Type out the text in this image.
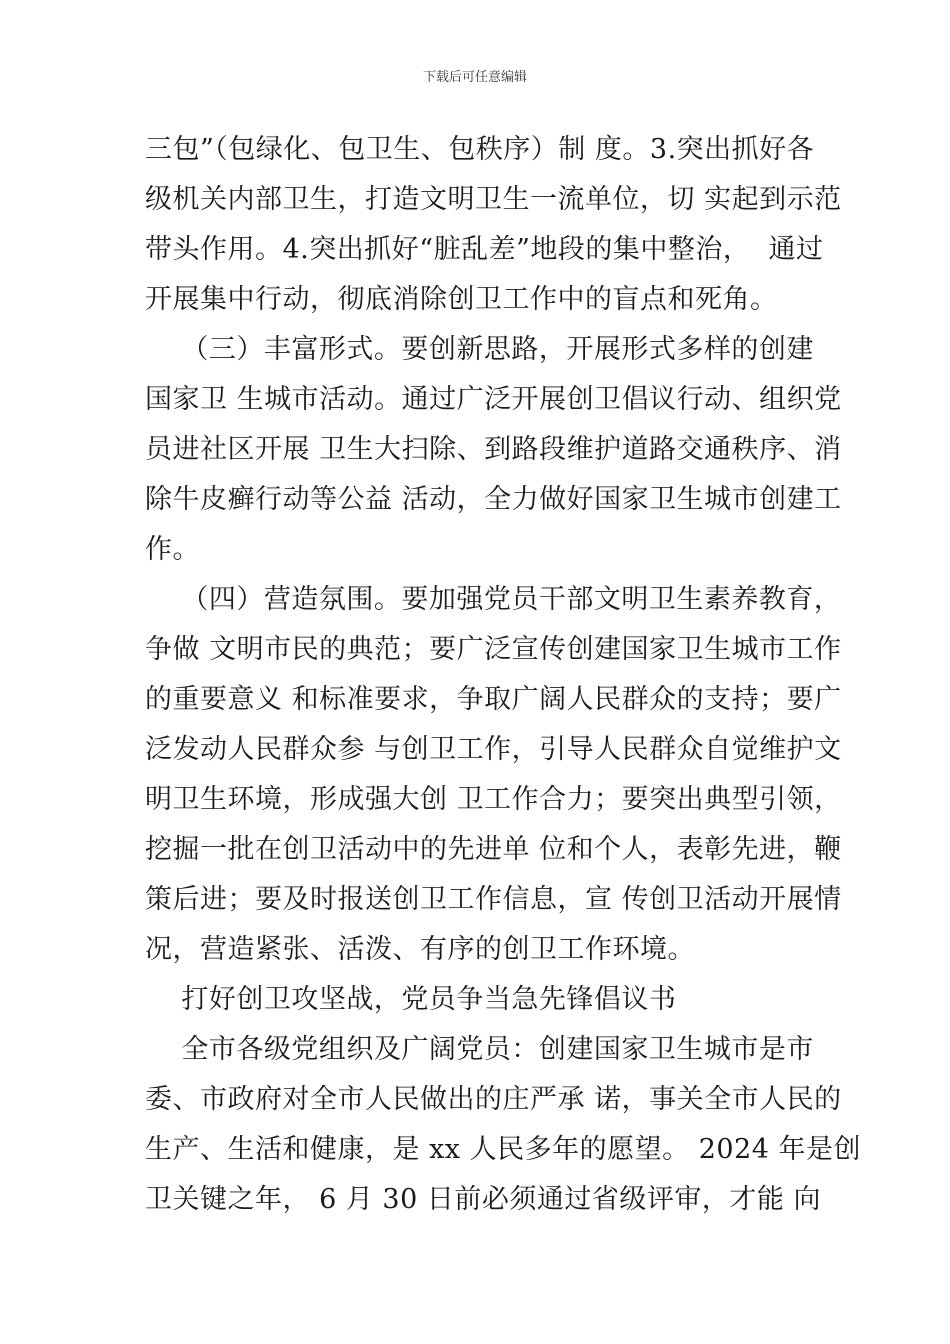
下载后可任意编辑
三包”（包绿化、包卫生、包秩序）制 度。3.突出抓好各
级机关内部卫生，打造文明卫生一流单位，切 实起到示范
带头作用。4.突出抓好“脏乱差”地段的集中整治，  通过
开展集中行动，彻底消除创卫工作中的盲点和死角。
（三）丰富形式。要创新思路，开展形式多样的创建
国家卫 生城市活动。通过广泛开展创卫倡议行动、组织党
员进社区开展 卫生大扫除、到路段维护道路交通秩序、消
除牛皮癣行动等公益 活动，全力做好国家卫生城市创建工
作。
（四）营造氛围。要加强党员干部文明卫生素养教育，
争做 文明市民的典范；要广泛宣传创建国家卫生城市工作
的重要意义 和标准要求，争取广阔人民群众的支持；要广
泛发动人民群众参 与创卫工作，引导人民群众自觉维护文
明卫生环境，形成强大创 卫工作合力；要突出典型引领，
挖掘一批在创卫活动中的先进单 位和个人，表彰先进，鞭
策后进；要及时报送创卫工作信息，宣 传创卫活动开展情
况，营造紧张、活泼、有序的创卫工作环境。
打好创卫攻坚战，党员争当急先锋倡议书
全市各级党组织及广阔党员：创建国家卫生城市是市
委、市政府对全市人民做出的庄严承 诺，事关全市人民的
生产、生活和健康，是 xx 人民多年的愿望。 2024 年是创
卫关键之年， 6 月 30 日前必须通过省级评审，才能 向
